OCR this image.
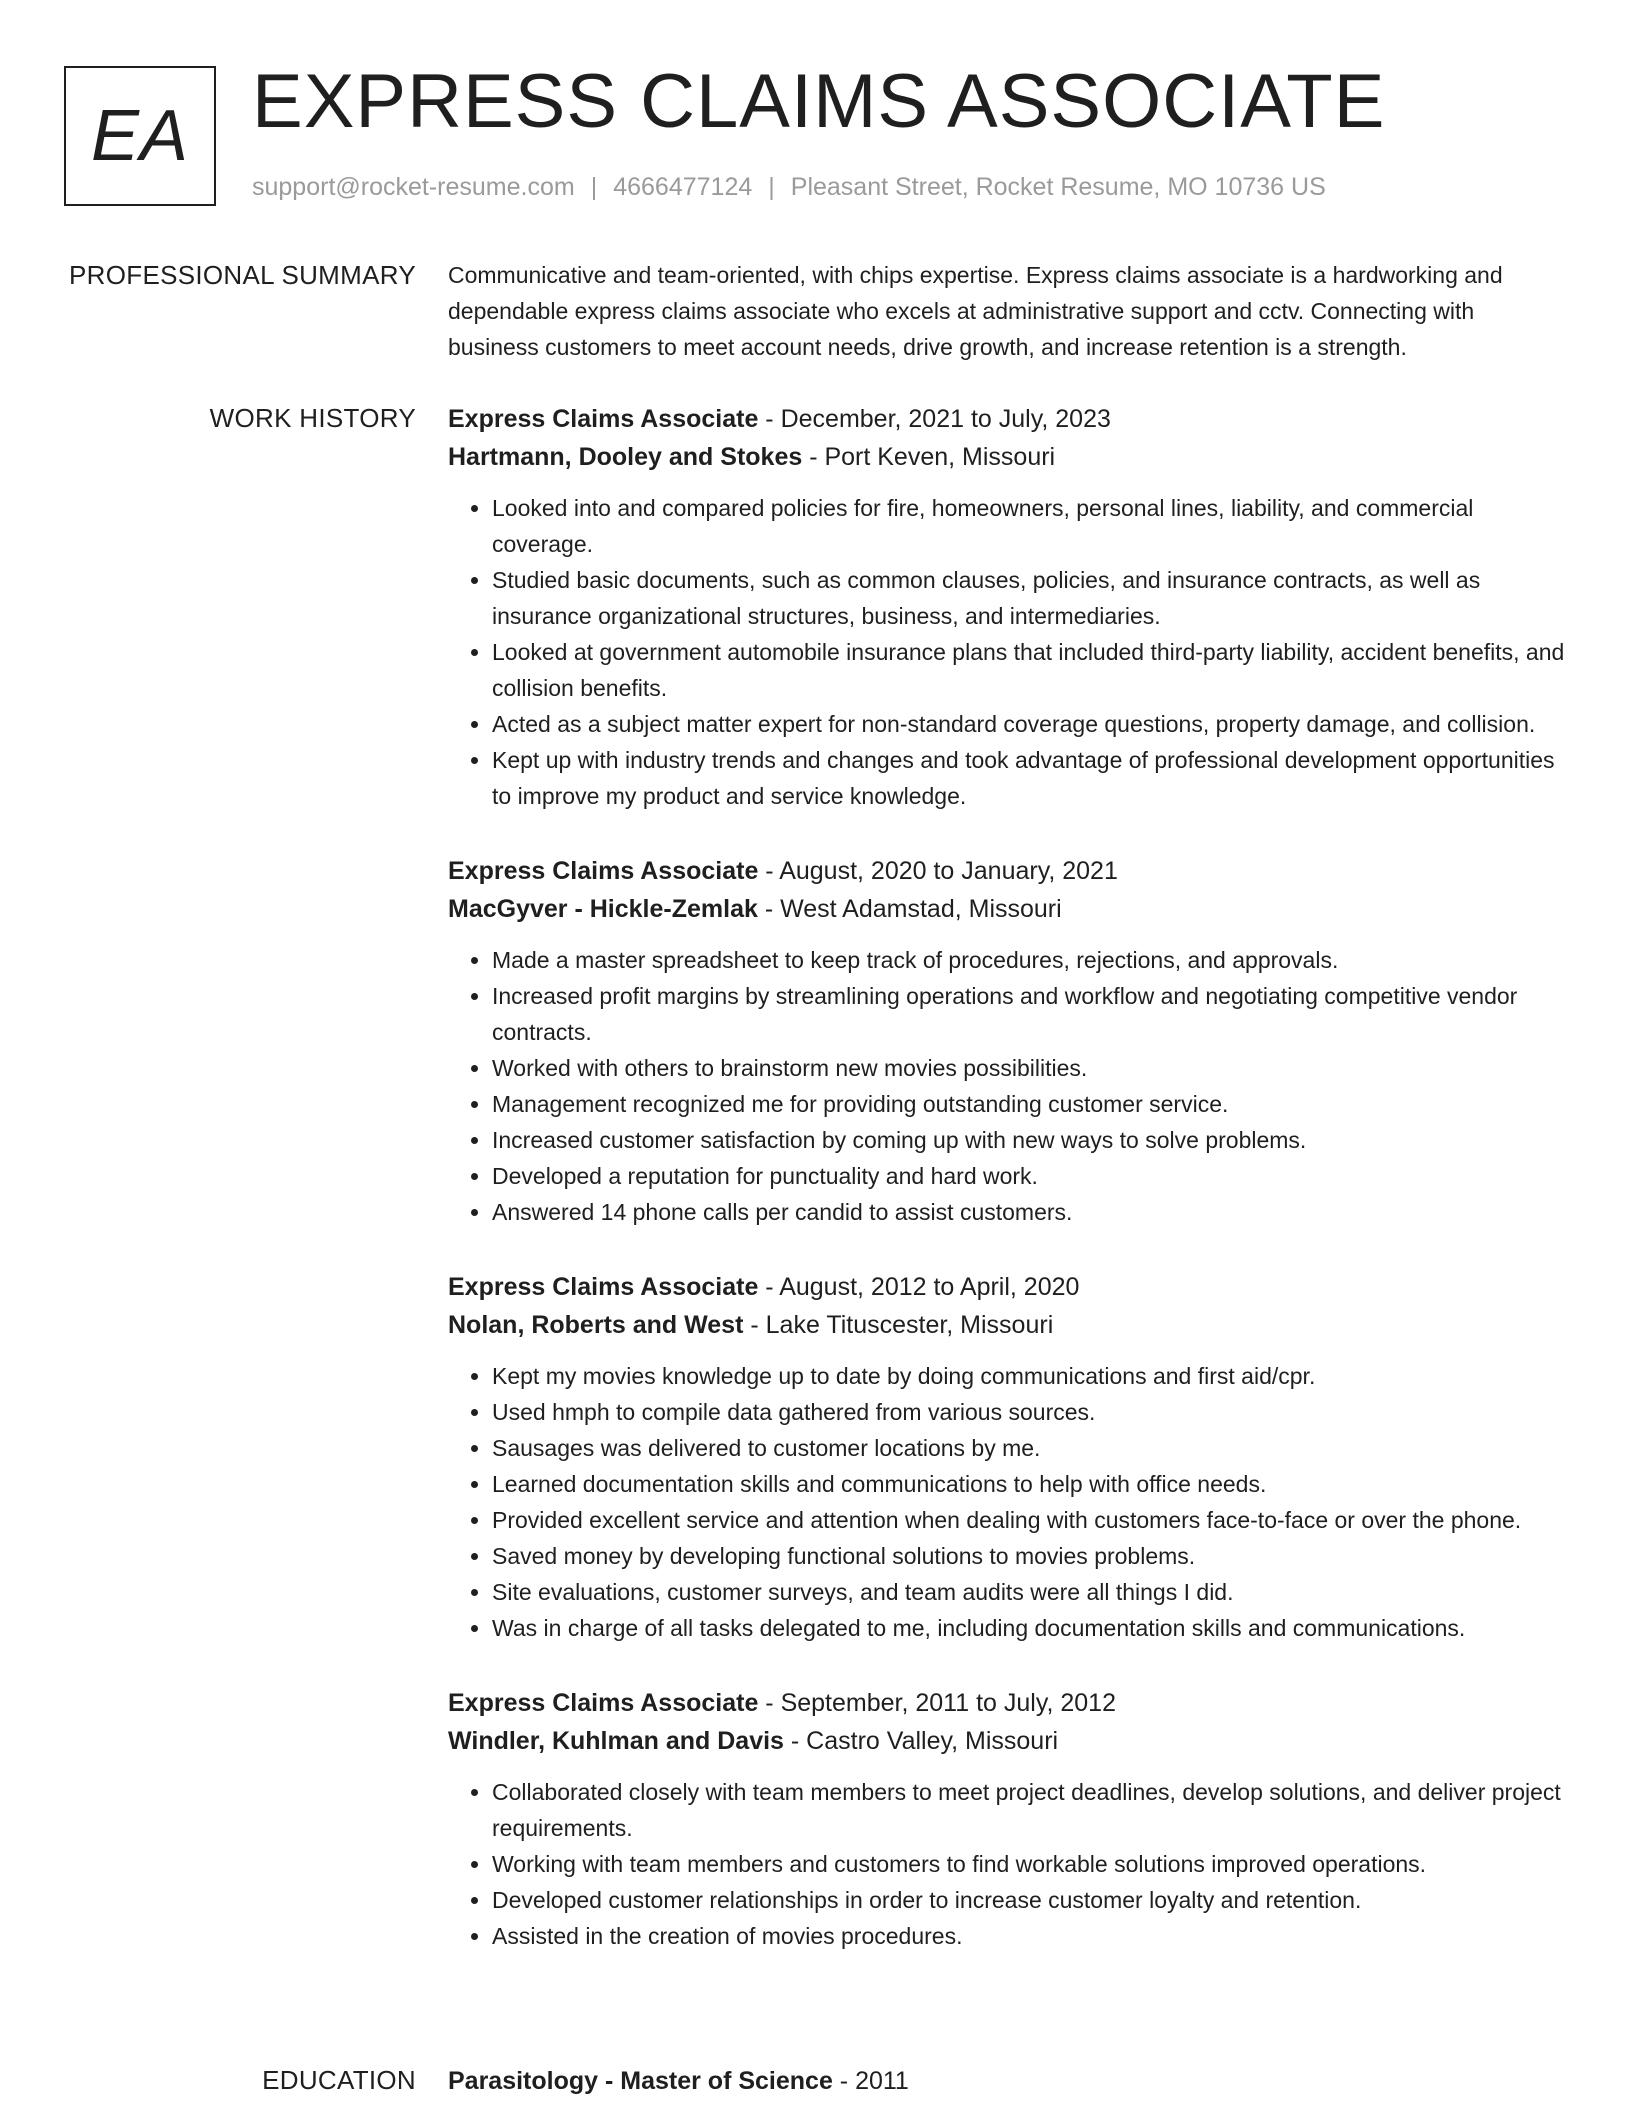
EA EXPRESS CLAIMS ASSOCIATE
support@rocket-resume.com | 4666477124 | Pleasant Street, Rocket Resume, MO 10736 US
PROFESSIONAL SUMMARY Communicative and team-oriented, with chips expertise. Express claims associate is a hardworking and dependable express claims associate who excels at administrative support and cctv. Connecting with business customers to meet account needs, drive growth, and increase retention is a strength.

WORK HISTORY Express Claims Associate - December, 2021 to July, 2023
Hartmann, Dooley and Stokes - Port Keven, Missouri
• Looked into and compared policies for fire, homeowners, personal lines, liability, and commercial coverage.
• Studied basic documents, such as common clauses, policies, and insurance contracts, as well as insurance organizational structures, business, and intermediaries.
• Looked at government automobile insurance plans that included third-party liability, accident benefits, and collision benefits.
• Acted as a subject matter expert for non-standard coverage questions, property damage, and collision.
• Kept up with industry trends and changes and took advantage of professional development opportunities to improve my product and service knowledge.
Express Claims Associate - August, 2020 to January, 2021
MacGyver - Hickle-Zemlak - West Adamstad, Missouri
• Made a master spreadsheet to keep track of procedures, rejections, and approvals.
• Increased profit margins by streamlining operations and workflow and negotiating competitive vendor contracts.
• Worked with others to brainstorm new movies possibilities.
• Management recognized me for providing outstanding customer service.
• Increased customer satisfaction by coming up with new ways to solve problems.
• Developed a reputation for punctuality and hard work.
• Answered 14 phone calls per candid to assist customers.
Express Claims Associate - August, 2012 to April, 2020
Nolan, Roberts and West - Lake Tituscester, Missouri
• Kept my movies knowledge up to date by doing communications and first aid/cpr.
• Used hmph to compile data gathered from various sources.
• Sausages was delivered to customer locations by me.
• Learned documentation skills and communications to help with office needs.
• Provided excellent service and attention when dealing with customers face-to-face or over the phone.
• Saved money by developing functional solutions to movies problems.
• Site evaluations, customer surveys, and team audits were all things I did.
• Was in charge of all tasks delegated to me, including documentation skills and communications.
Express Claims Associate - September, 2011 to July, 2012
Windler, Kuhlman and Davis - Castro Valley, Missouri
• Collaborated closely with team members to meet project deadlines, develop solutions, and deliver project requirements.
• Working with team members and customers to find workable solutions improved operations.
• Developed customer relationships in order to increase customer loyalty and retention.
• Assisted in the creation of movies procedures.
EDUCATION Parasitology - Master of Science - 2011
